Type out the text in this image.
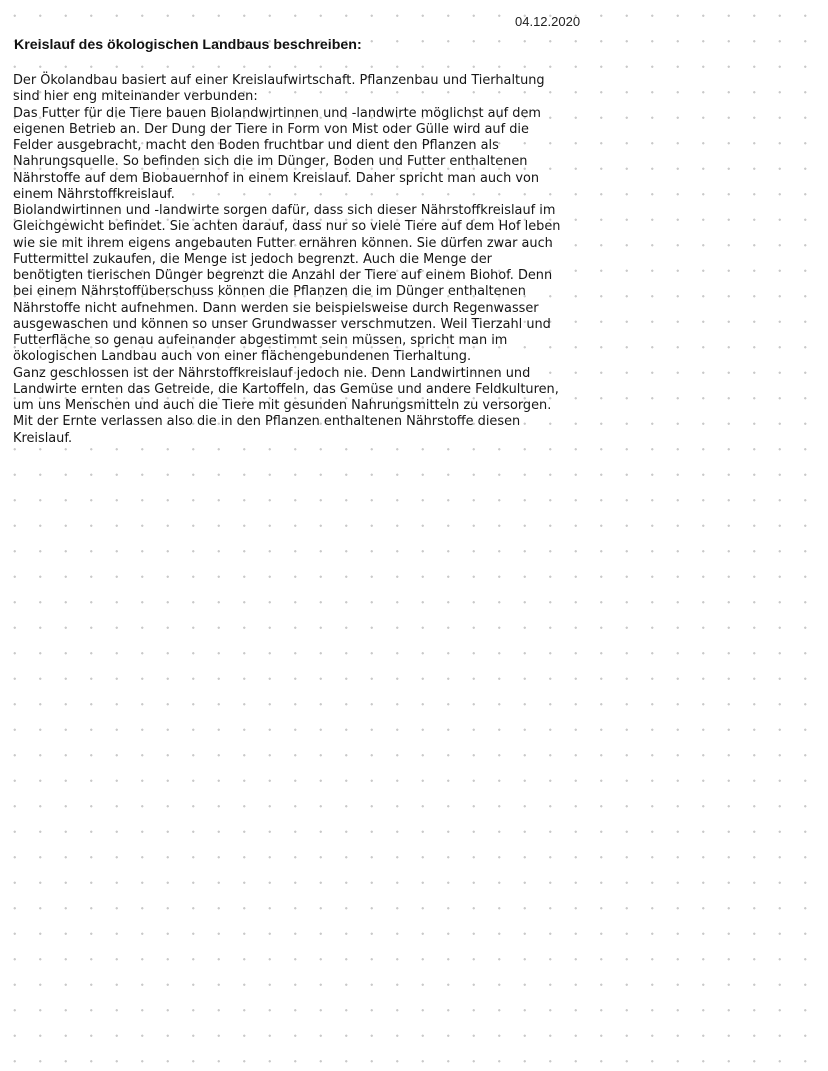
04.12.2020
Kreislauf des ökologischen Landbaus beschreiben:
Der Ökolandbau basiert auf einer Kreislaufwirtschaft. Pflanzenbau und Tierhaltung
sind hier eng miteinander verbunden:
Das Futter für die Tiere bauen Biolandwirtinnen und -landwirte möglichst auf dem
eigenen Betrieb an. Der Dung der Tiere in Form von Mist oder Gülle wird auf die
Felder ausgebracht, macht den Boden fruchtbar und dient den Pflanzen als
Nahrungsquelle. So befinden sich die im Dünger, Boden und Futter enthaltenen
Nährstoffe auf dem Biobauernhof in einem Kreislauf. Daher spricht man auch von
einem Nährstoffkreislauf.
Biolandwirtinnen und -landwirte sorgen dafür, dass sich dieser Nährstoffkreislauf im
Gleichgewicht befindet. Sie achten darauf, dass nur so viele Tiere auf dem Hof leben
wie sie mit ihrem eigens angebauten Futter ernähren können. Sie dürfen zwar auch
Futtermittel zukaufen, die Menge ist jedoch begrenzt. Auch die Menge der
benötigten tierischen Dünger begrenzt die Anzahl der Tiere auf einem Biohof. Denn
bei einem Nährstoffüberschuss können die Pflanzen die im Dünger enthaltenen
Nährstoffe nicht aufnehmen. Dann werden sie beispielsweise durch Regenwasser
ausgewaschen und können so unser Grundwasser verschmutzen. Weil Tierzahl und
Futterfläche so genau aufeinander abgestimmt sein müssen, spricht man im
ökologischen Landbau auch von einer flächengebundenen Tierhaltung.
Ganz geschlossen ist der Nährstoffkreislauf jedoch nie. Denn Landwirtinnen und
Landwirte ernten das Getreide, die Kartoffeln, das Gemüse und andere Feldkulturen,
um uns Menschen und auch die Tiere mit gesunden Nahrungsmitteln zu versorgen.
Mit der Ernte verlassen also die in den Pflanzen enthaltenen Nährstoffe diesen
Kreislauf.
